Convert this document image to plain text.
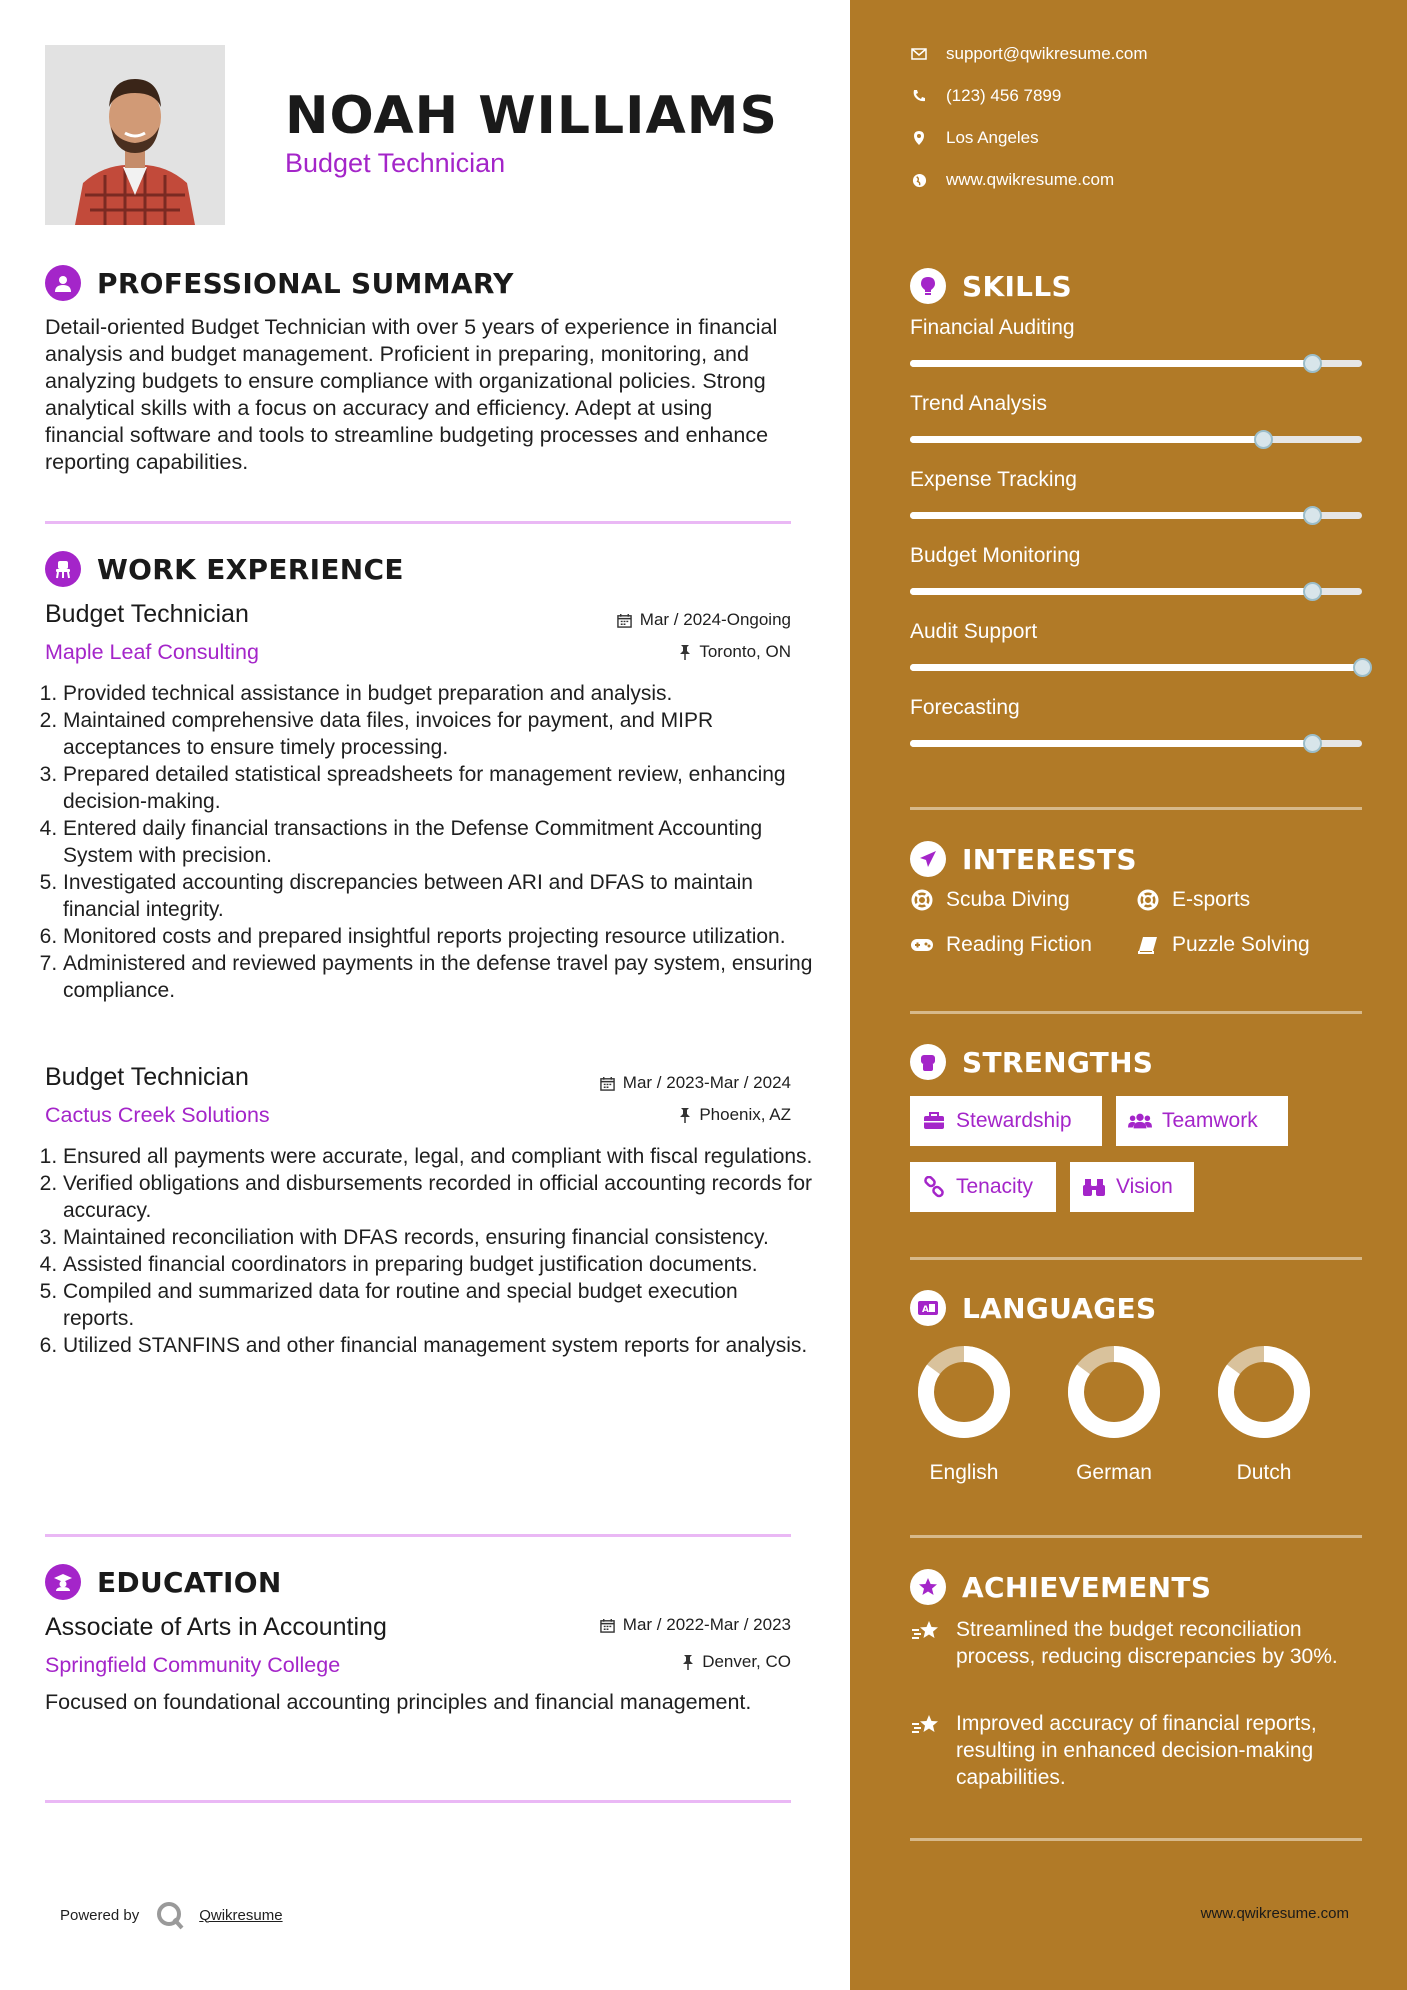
NOAH WILLIAMS
Budget Technician
PROFESSIONAL SUMMARY
Detail-oriented Budget Technician with over 5 years of experience in financial analysis and budget management. Proficient in preparing, monitoring, and analyzing budgets to ensure compliance with organizational policies. Strong analytical skills with a focus on accuracy and efficiency. Adept at using financial software and tools to streamline budgeting processes and enhance reporting capabilities.
WORK EXPERIENCE
Budget Technician	Mar / 2024-Ongoing
Maple Leaf Consulting	Toronto, ON
1. Provided technical assistance in budget preparation and analysis.
2. Maintained comprehensive data files, invoices for payment, and MIPR acceptances to ensure timely processing.
3. Prepared detailed statistical spreadsheets for management review, enhancing decision-making.
4. Entered daily financial transactions in the Defense Commitment Accounting System with precision.
5. Investigated accounting discrepancies between ARI and DFAS to maintain financial integrity.
6. Monitored costs and prepared insightful reports projecting resource utilization.
7. Administered and reviewed payments in the defense travel pay system, ensuring compliance.
Budget Technician	Mar / 2023-Mar / 2024
Cactus Creek Solutions	Phoenix, AZ
1. Ensured all payments were accurate, legal, and compliant with fiscal regulations.
2. Verified obligations and disbursements recorded in official accounting records for accuracy.
3. Maintained reconciliation with DFAS records, ensuring financial consistency.
4. Assisted financial coordinators in preparing budget justification documents.
5. Compiled and summarized data for routine and special budget execution reports.
6. Utilized STANFINS and other financial management system reports for analysis.
EDUCATION
Associate of Arts in Accounting	Mar / 2022-Mar / 2023
Springfield Community College	Denver, CO
Focused on foundational accounting principles and financial management.
Powered by	Qwikresume
support@qwikresume.com
(123) 456 7899
Los Angeles
www.qwikresume.com
SKILLS
Financial Auditing
Trend Analysis
Expense Tracking
Budget Monitoring
Audit Support
Forecasting
INTERESTS
Scuba Diving	E-sports
Reading Fiction	Puzzle Solving
STRENGTHS
Stewardship	Teamwork
Tenacity	Vision
A LANGUAGES
English	German	Dutch
ACHIEVEMENTS
Streamlined the budget reconciliation process, reducing discrepancies by 30%.
Improved accuracy of financial reports, resulting in enhanced decision-making capabilities.
www.qwikresume.com
